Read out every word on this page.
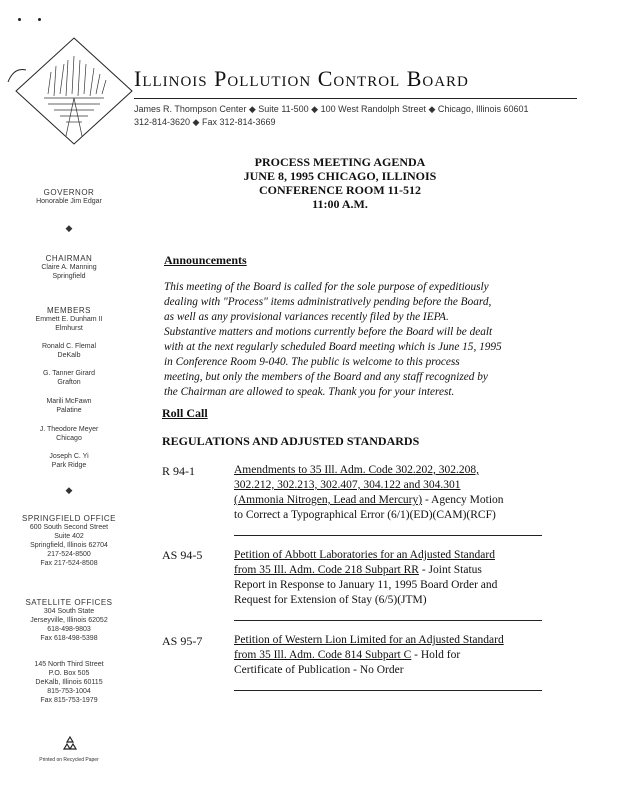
Illinois Pollution Control Board
James R. Thompson Center ◆ Suite 11-500 ◆ 100 West Randolph Street ◆ Chicago, Illinois 60601
312-814-3620 ◆ Fax 312-814-3669
GOVERNOR
Honorable Jim Edgar
◆
CHAIRMAN
Claire A. Manning
Springfield
MEMBERS
Emmett E. Dunham II
Elmhurst
Ronald C. Flemal
DeKalb
G. Tanner Girard
Grafton
Marili McFawn
Palatine
J. Theodore Meyer
Chicago
Joseph C. Yi
Park Ridge
◆
SPRINGFIELD OFFICE
600 South Second Street
Suite 402
Springfield, Illinois 62704
217-524-8500
Fax 217-524-8508
SATELLITE OFFICES
304 South State
Jerseyville, Illinois 62052
618-498-9803
Fax 618-498-5398
145 North Third Street
P.O. Box 505
DeKalb, Illinois 60115
815-753-1004
Fax 815-753-1979
Printed on Recycled Paper
PROCESS MEETING AGENDA
JUNE 8, 1995 CHICAGO, ILLINOIS
CONFERENCE ROOM 11-512
11:00 A.M.
Announcements
This meeting of the Board is called for the sole purpose of expeditiously
dealing with "Process" items administratively pending before the Board,
as well as any provisional variances recently filed by the IEPA.
Substantive matters and motions currently before the Board will be dealt
with at the next regularly scheduled Board meeting which is June 15, 1995
in Conference Room 9-040. The public is welcome to this process
meeting, but only the members of the Board and any staff recognized by
the Chairman are allowed to speak. Thank you for your interest.
Roll Call
REGULATIONS AND ADJUSTED STANDARDS
R 94-1	Amendments to 35 Ill. Adm. Code 302.202, 302.208,
302.212, 302.213, 302.407, 304.122 and 304.301
(Ammonia Nitrogen, Lead and Mercury) - Agency Motion
to Correct a Typographical Error (6/1)(ED)(CAM)(RCF)
AS 94-5	Petition of Abbott Laboratories for an Adjusted Standard
from 35 Ill. Adm. Code 218 Subpart RR - Joint Status
Report in Response to January 11, 1995 Board Order and
Request for Extension of Stay (6/5)(JTM)
AS 95-7	Petition of Western Lion Limited for an Adjusted Standard
from 35 Ill. Adm. Code 814 Subpart C - Hold for
Certificate of Publication - No Order
